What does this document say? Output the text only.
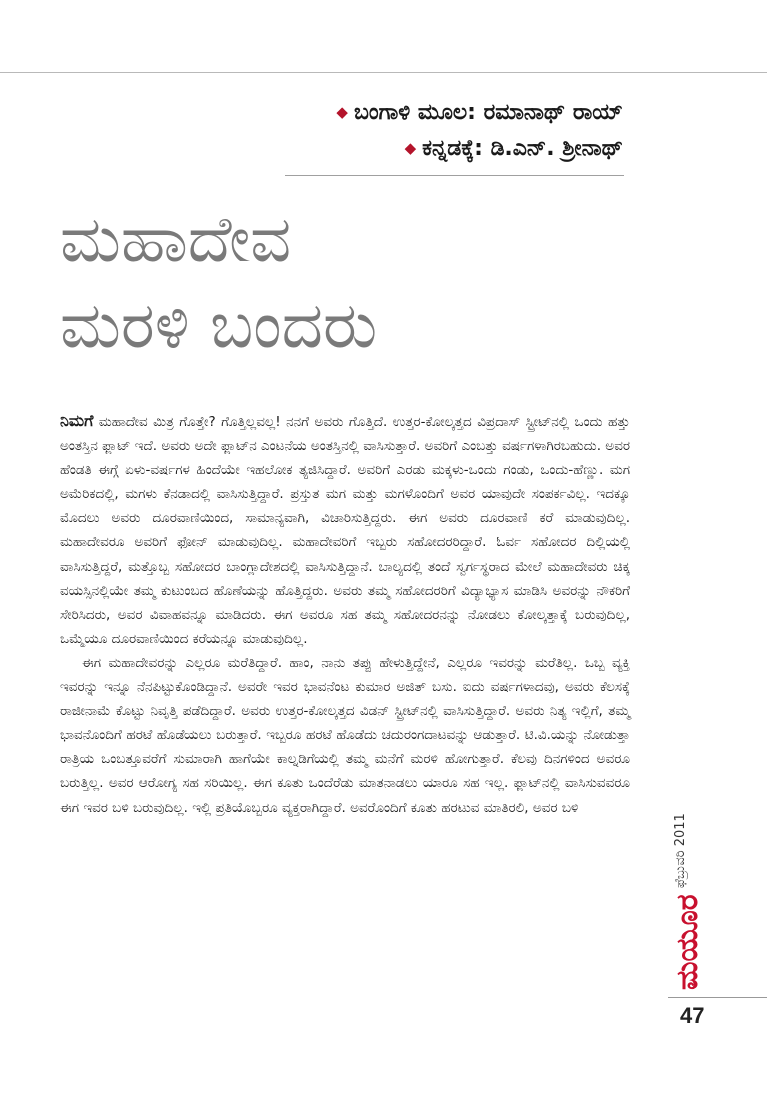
◆ ಬಂಗಾಳಿ ಮೂಲ: ರಮಾನಾಥ್ ರಾಯ್
◆ ಕನ್ನಡಕ್ಕೆ: ಡಿ.ಎನ್. ಶ್ರೀನಾಥ್
ಮಹಾದೇವ
ಮರಳಿ ಬಂದರು

ನಿಮಗೆ ಮಹಾದೇವ ಮಿತ್ರ ಗೊತ್ತೇ? ಗೊತ್ತಿಲ್ಲವಲ್ಲ! ನನಗೆ ಅವರು ಗೊತ್ತಿದೆ. ಉತ್ತರ-ಕೋಲ್ಕತ್ತದ ವಿಪ್ರದಾಸ್ ಸ್ಟ್ರೀಟ್‌ನಲ್ಲಿ ಒಂದು ಹತ್ತು ಅಂತಸ್ತಿನ ಫ್ಲಾಟ್ ಇದೆ. ಅವರು ಅದೇ ಫ್ಲಾಟ್‌ನ ಎಂಟನೆಯ ಅಂತಸ್ತಿನಲ್ಲಿ ವಾಸಿಸುತ್ತಾರೆ. ಅವರಿಗೆ ಎಂಬತ್ತು ವರ್ಷಗಳಾಗಿರಬಹುದು. ಅವರ ಹೆಂಡತಿ ಈಗ್ಗೆ ಏಳು-ವರ್ಷಗಳ ಹಿಂದೆಯೇ ಇಹಲೋಕ ತ್ಯಜಿಸಿದ್ದಾರೆ. ಅವರಿಗೆ ಎರಡು ಮಕ್ಕಳು-ಒಂದು ಗಂಡು, ಒಂದು-ಹೆಣ್ಣು. ಮಗ ಅಮೆರಿಕದಲ್ಲಿ, ಮಗಳು ಕೆನಡಾದಲ್ಲಿ ವಾಸಿಸುತ್ತಿದ್ದಾರೆ. ಪ್ರಸ್ತುತ ಮಗ ಮತ್ತು ಮಗಳೊಂದಿಗೆ ಅವರ ಯಾವುದೇ ಸಂಪರ್ಕವಿಲ್ಲ. ಇದಕ್ಕೂ ಮೊದಲು ಅವರು ದೂರವಾಣಿಯಿಂದ, ಸಾಮಾನ್ಯವಾಗಿ, ವಿಚಾರಿಸುತ್ತಿದ್ದರು. ಈಗ ಅವರು ದೂರವಾಣಿ ಕರೆ ಮಾಡುವುದಿಲ್ಲ. ಮಹಾದೇವರೂ ಅವರಿಗೆ ಫೋನ್ ಮಾಡುವುದಿಲ್ಲ. ಮಹಾದೇವರಿಗೆ ಇಬ್ಬರು ಸಹೋದರರಿದ್ದಾರೆ. ಓರ್ವ ಸಹೋದರ ದಿಲ್ಲಿಯಲ್ಲಿ ವಾಸಿಸುತ್ತಿದ್ದರೆ, ಮತ್ತೊಬ್ಬ ಸಹೋದರ ಬಾಂಗ್ಲಾದೇಶದಲ್ಲಿ ವಾಸಿಸುತ್ತಿದ್ದಾನೆ. ಬಾಲ್ಯದಲ್ಲಿ ತಂದೆ ಸ್ವರ್ಗಸ್ಥರಾದ ಮೇಲೆ ಮಹಾದೇವರು ಚಿಕ್ಕ ವಯಸ್ಸಿನಲ್ಲಿಯೇ ತಮ್ಮ ಕುಟುಂಬದ ಹೊಣೆಯನ್ನು ಹೊತ್ತಿದ್ದರು. ಅವರು ತಮ್ಮ ಸಹೋದರರಿಗೆ ವಿದ್ಯಾಭ್ಯಾಸ ಮಾಡಿಸಿ ಅವರನ್ನು ನೌಕರಿಗೆ ಸೇರಿಸಿದರು, ಅವರ ವಿವಾಹವನ್ನೂ ಮಾಡಿದರು. ಈಗ ಅವರೂ ಸಹ ತಮ್ಮ ಸಹೋದರನನ್ನು ನೋಡಲು ಕೋಲ್ಕತ್ತಾಕ್ಕೆ ಬರುವುದಿಲ್ಲ, ಒಮ್ಮೆಯೂ ದೂರವಾಣಿಯಿಂದ ಕರೆಯನ್ನೂ ಮಾಡುವುದಿಲ್ಲ.

ಈಗ ಮಹಾದೇವರನ್ನು ಎಲ್ಲರೂ ಮರೆತಿದ್ದಾರೆ. ಹಾಂ, ನಾನು ತಪ್ಪು ಹೇಳುತ್ತಿದ್ದೇನೆ, ಎಲ್ಲರೂ ಇವರನ್ನು ಮರೆತಿಲ್ಲ. ಒಬ್ಬ ವ್ಯಕ್ತಿ ಇವರನ್ನು ಇನ್ನೂ ನೆನಪಿಟ್ಟುಕೊಂಡಿದ್ದಾನೆ. ಅವರೇ ಇವರ ಭಾವನೆಂಟ ಕುಮಾರ ಅಜಿತ್ ಬಸು. ಐದು ವರ್ಷಗಳಾದವು, ಅವರು ಕೆಲಸಕ್ಕೆ ರಾಜೀನಾಮೆ ಕೊಟ್ಟು ನಿವೃತ್ತಿ ಪಡೆದಿದ್ದಾರೆ. ಅವರು ಉತ್ತರ-ಕೋಲ್ಕತ್ತದ ವಿಡನ್ ಸ್ಟ್ರೀಟ್‌ನಲ್ಲಿ ವಾಸಿಸುತ್ತಿದ್ದಾರೆ. ಅವರು ನಿತ್ಯ ಇಲ್ಲಿಗೆ, ತಮ್ಮ ಭಾವನೊಂದಿಗೆ ಹರಟೆ ಹೊಡೆಯಲು ಬರುತ್ತಾರೆ. ಇಬ್ಬರೂ ಹರಟೆ ಹೊಡೆದು ಚದುರಂಗದಾಟವನ್ನು ಆಡುತ್ತಾರೆ. ಟಿ.ವಿ.ಯನ್ನು ನೋಡುತ್ತಾ ರಾತ್ರಿಯ ಒಂಬತ್ತೂವರೆಗೆ ಸುಮಾರಾಗಿ ಹಾಗೆಯೇ ಕಾಲ್ನಡಿಗೆಯಲ್ಲಿ ತಮ್ಮ ಮನೆಗೆ ಮರಳಿ ಹೋಗುತ್ತಾರೆ. ಕೆಲವು ದಿನಗಳಿಂದ ಅವರೂ ಬರುತ್ತಿಲ್ಲ. ಅವರ ಆರೋಗ್ಯ ಸಹ ಸರಿಯಿಲ್ಲ. ಈಗ ಕೂತು ಒಂದೆರೆಡು ಮಾತನಾಡಲು ಯಾರೂ ಸಹ ಇಲ್ಲ. ಫ್ಲಾಟ್‌ನಲ್ಲಿ ವಾಸಿಸುವವರೂ ಈಗ ಇವರ ಬಳಿ ಬರುವುದಿಲ್ಲ. ಇಲ್ಲಿ ಪ್ರತಿಯೊಬ್ಬರೂ ವ್ಯಕ್ತರಾಗಿದ್ದಾರೆ. ಅವರೊಂದಿಗೆ ಕೂತು ಹರಟುವ ಮಾತಿರಲಿ, ಅವರ ಬಳಿ

ಫೆಬ್ರುವರಿ 2011
ಮಯೂರ
47
